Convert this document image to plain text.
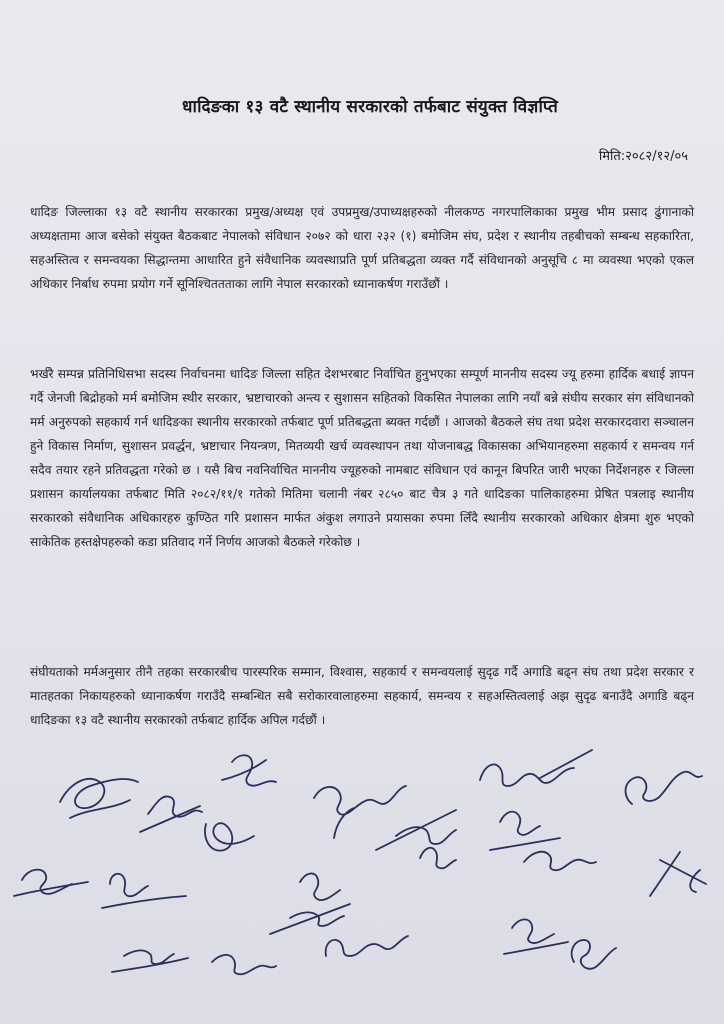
धादिङका १३ वटै स्थानीय सरकारको तर्फबाट संयुक्त विज्ञप्ति
मिति:२०८२/१२/०५

धादिङ जिल्लाका १३ वटै स्थानीय सरकारका प्रमुख/अध्यक्ष एवं उपप्रमुख/उपाध्यक्षहरुको नीलकण्ठ नगरपालिकाका प्रमुख भीम प्रसाद ढुंगानाको अध्यक्षतामा आज बसेको संयुक्त बैठकबाट नेपालको संविधान २०७२ को धारा २३२ (१) बमोजिम संघ, प्रदेश र स्थानीय तहबीचको सम्बन्ध सहकारिता, सहअस्तित्व र समन्वयका सिद्धान्तमा आधारित हुने संवैधानिक व्यवस्थाप्रति पूर्ण प्रतिबद्धता व्यक्त गर्दै संविधानको अनुसूचि ८ मा व्यवस्था भएको एकल अधिकार निर्बाध रुपमा प्रयोग गर्ने सूनिश्चिततताका लागि नेपाल सरकारको ध्यानाकर्षण गराउँछौं ।

भर्खरै सम्पन्न प्रतिनिधिसभा सदस्य निर्वाचनमा धादिङ जिल्ला सहित देशभरबाट निर्वाचित हुनुभएका सम्पूर्ण माननीय सदस्य ज्यू हरुमा हार्दिक बधाई ज्ञापन गर्दै जेनजी बिद्रोहको मर्म बमोजिम स्थीर सरकार, भ्रष्टाचारको अन्त्य र सुशासन सहितको विकसित नेपालका लागि नयाँ बन्ने संघीय सरकार संग संविधानको मर्म अनुरुपको सहकार्य गर्न धादिङका स्थानीय सरकारको तर्फबाट पूर्ण प्रतिबद्धता ब्यक्त गर्दछौं । आजको बैठकले संघ तथा प्रदेश सरकारदवारा सञ्चालन हुने विकास निर्माण, सुशासन प्रवर्द्धन, भ्रष्टाचार नियन्त्रण, मितव्ययी खर्च व्यवस्थापन तथा योजनाबद्ध विकासका अभियानहरुमा सहकार्य र समन्वय गर्न सदैव तयार रहने प्रतिवद्धता गरेको छ । यसै बिच नवनिर्वाचित माननीय ज्यूहरुको नामबाट संविधान एवं कानून बिपरित जारी भएका निर्देशनहरु र जिल्ला प्रशासन कार्यालयका तर्फबाट मिति २०८२/११/१ गतेको मितिमा चलानी नंबर २८५० बाट चैत्र ३ गते धादिङका पालिकाहरुमा प्रेषित पत्रलाइ स्थानीय सरकारको संवैधानिक अधिकारहरु कुण्ठित गरि प्रशासन मार्फत अंकुश लगाउने प्रयासका रुपमा लिँदै स्थानीय सरकारको अधिकार क्षेत्रमा शुरु भएको साकेतिक हस्तक्षेपहरुको कडा प्रतिवाद गर्ने निर्णय आजको बैठकले गरेकोछ ।

संघीयताको मर्मअनुसार तीनै तहका सरकारबीच पारस्परिक सम्मान, विश्वास, सहकार्य र समन्वयलाई सुदृढ गर्दै अगाडि बढ्न संघ तथा प्रदेश सरकार र मातहतका निकायहरुको ध्यानाकर्षण गराउँदै सम्बन्धित सबै सरोकारवालाहरुमा सहकार्य, समन्वय र सहअस्तित्वलाई अझ सुदृढ बनाउँदै अगाडि बढ्न धादिङका १३ वटै स्थानीय सरकारको तर्फबाट हार्दिक अपिल गर्दछौं ।
